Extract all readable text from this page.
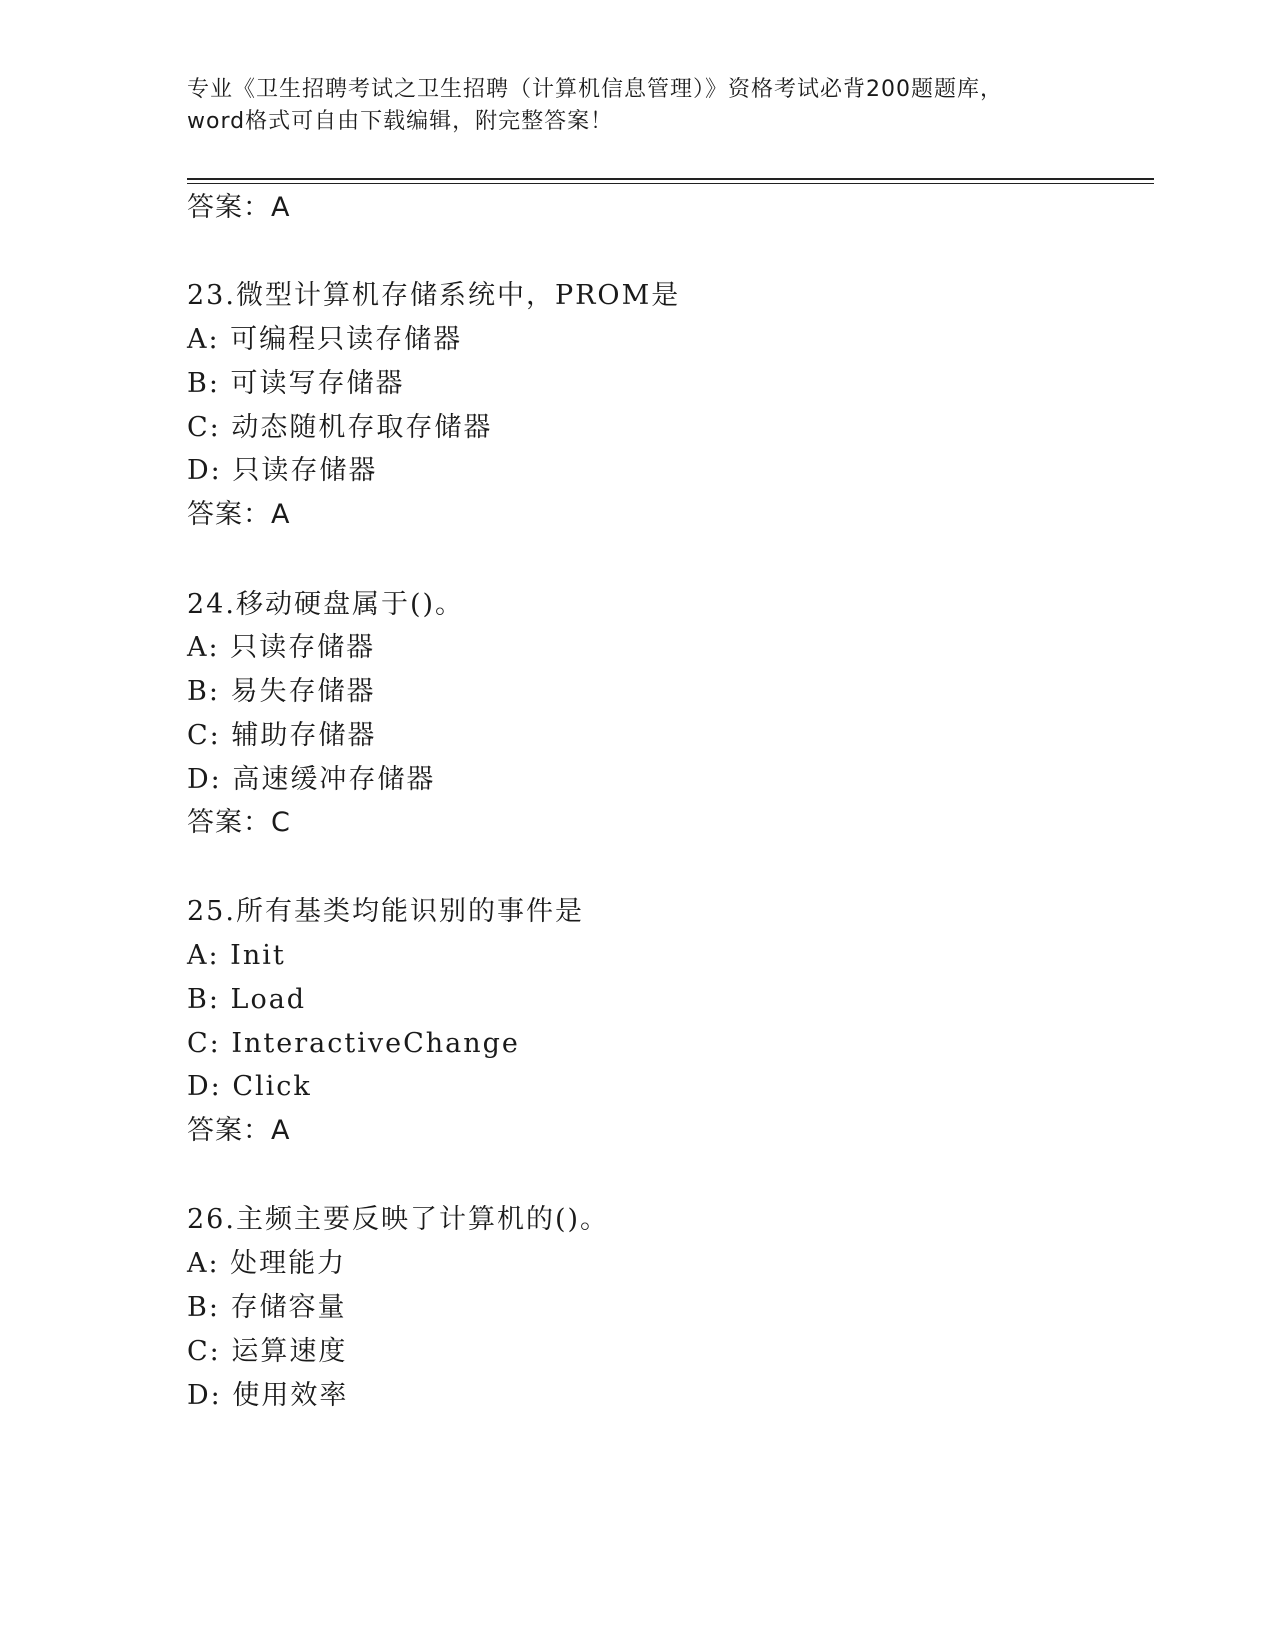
专业《卫生招聘考试之卫生招聘（计算机信息管理）》资格考试必背200题题库，
word格式可自由下载编辑，附完整答案！
答案：A
23.微型计算机存储系统中，PROM是
A: 可编程只读存储器
B: 可读写存储器
C: 动态随机存取存储器
D: 只读存储器
答案：A
24.移动硬盘属于()。
A: 只读存储器
B: 易失存储器
C: 辅助存储器
D: 高速缓冲存储器
答案：C
25.所有基类均能识别的事件是
A: Init
B: Load
C: InteractiveChange
D: Click
答案：A
26.主频主要反映了计算机的()。
A: 处理能力
B: 存储容量
C: 运算速度
D: 使用效率
